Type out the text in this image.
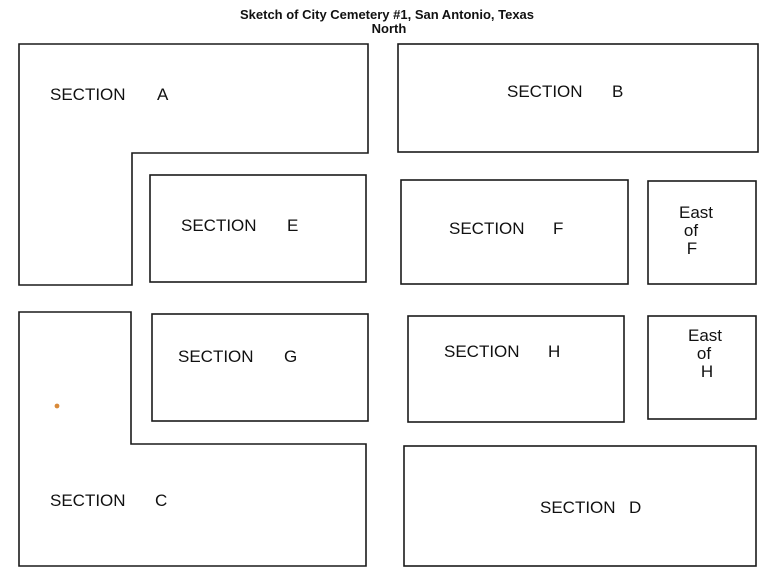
Sketch of City Cemetery #1, San Antonio, Texas
North
SECTION A	SECTION B
SECTION E	SECTION F
East
of
F
SECTION G	SECTION H
East
of
H
SECTION C	SECTION D
